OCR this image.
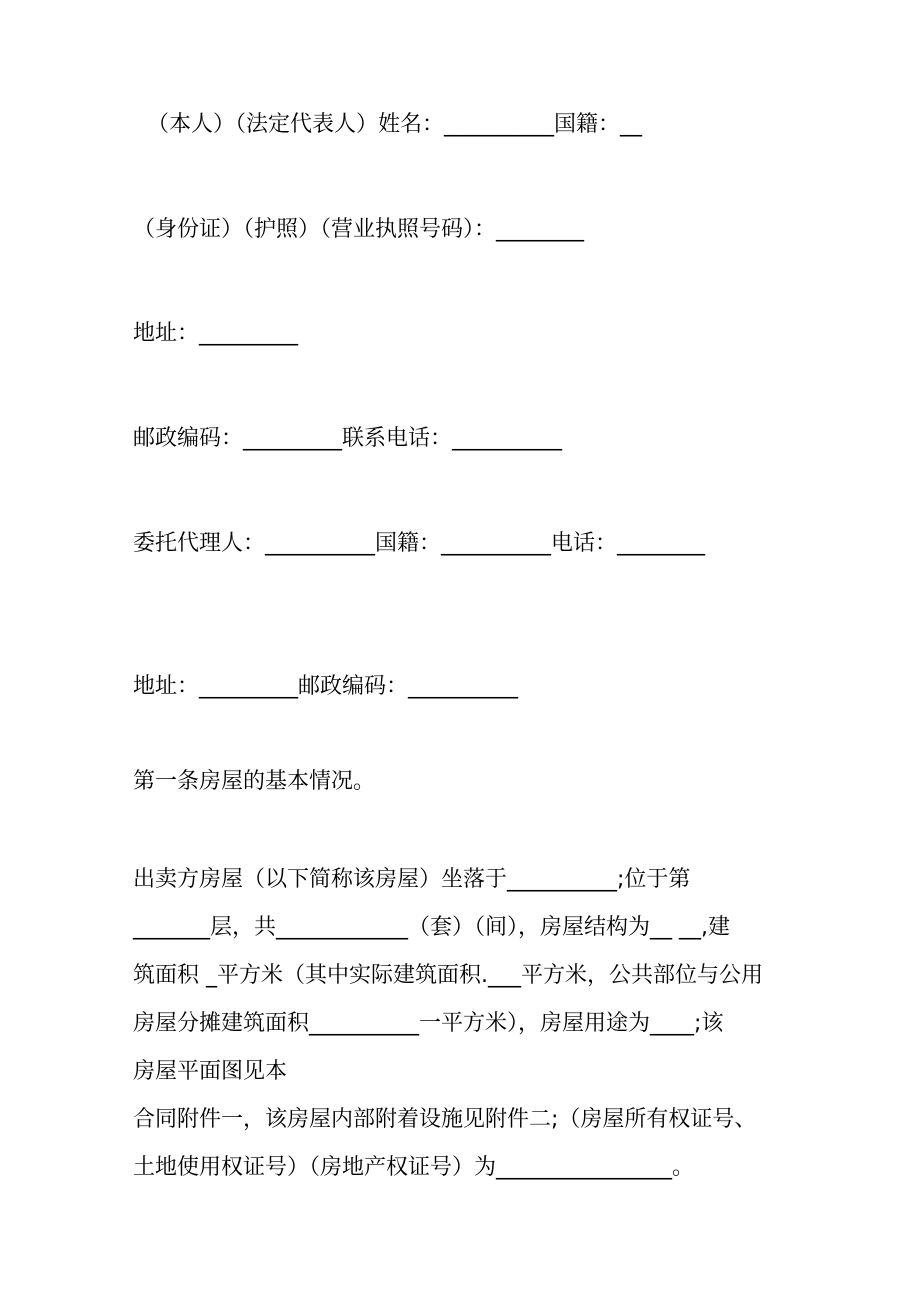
（本人）（法定代表人）姓名：__________国籍：__
（身份证）（护照）（营业执照号码）：________
地址：_________
邮政编码：_________联系电话：__________
委托代理人：__________国籍：__________电话：________
地址：_________邮政编码：__________
第一条房屋的基本情况。
出卖方房屋（以下简称该房屋）坐落于__________;位于第
_______层，共____________（套）（间），房屋结构为__ __,建
筑面积 _平方米（其中实际建筑面积.___平方米，公共部位与公用
房屋分摊建筑面积__________一平方米），房屋用途为____;该
房屋平面图见本
合同附件一，该房屋内部附着设施见附件二;（房屋所有权证号、
土地使用权证号）（房地产权证号）为________________。
